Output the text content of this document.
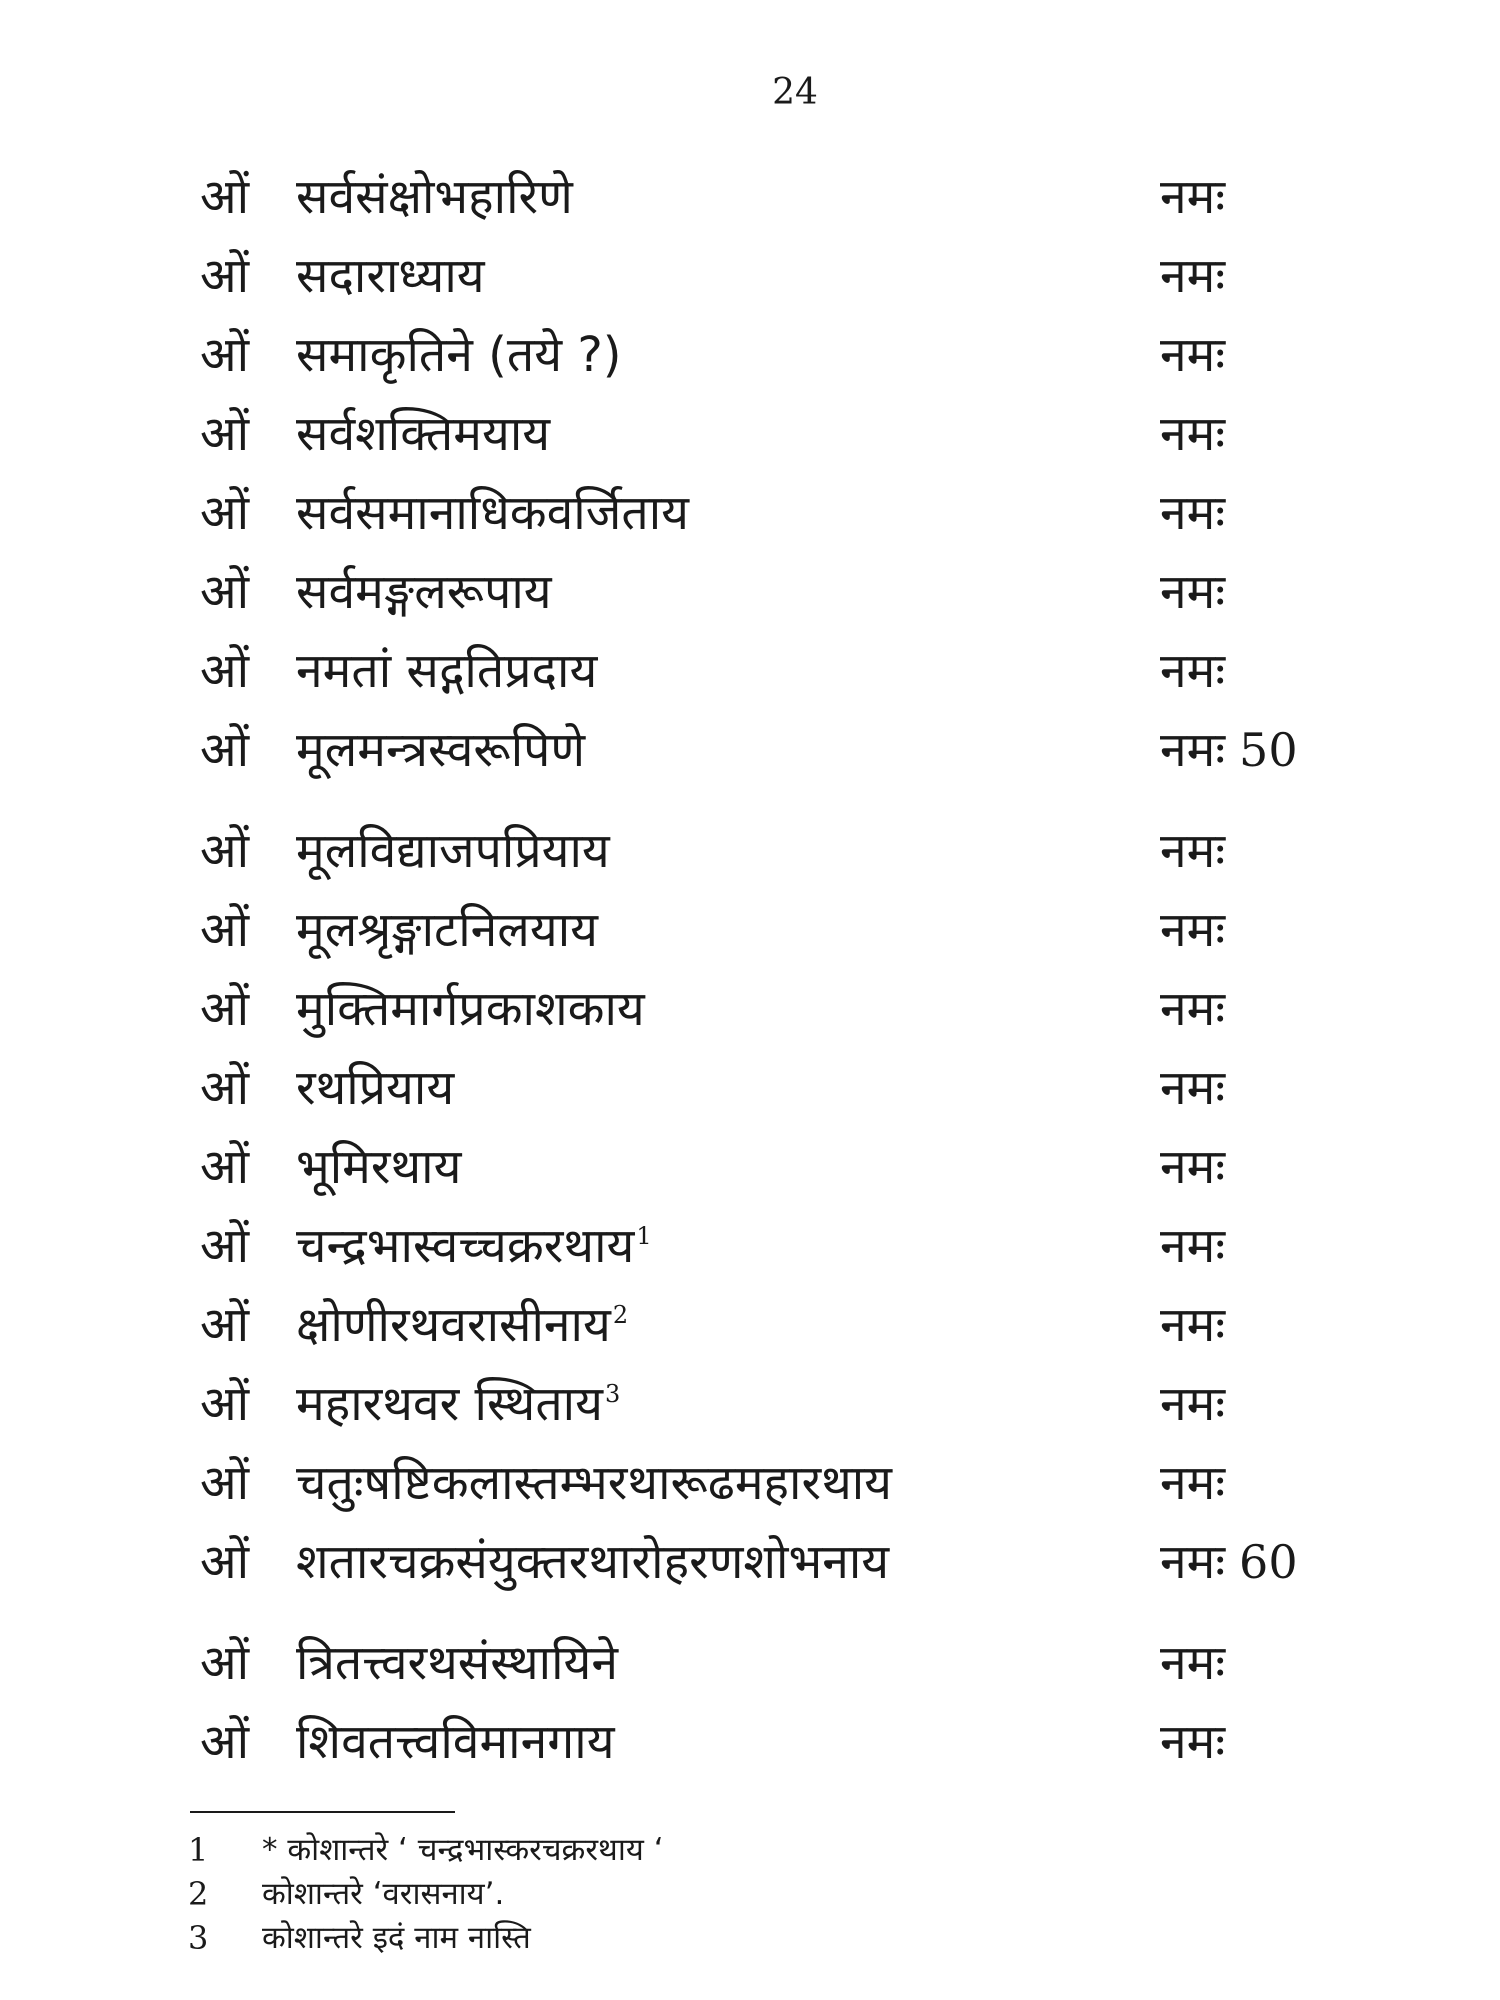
24
ओं सर्वसंक्षोभहारिणे	नमः
ओं सदाराध्याय	नमः
ओं समाकृतिने (तये ?)	नमः
ओं सर्वशक्तिमयाय	नमः
ओं सर्वसमानाधिकवर्जिताय	नमः
ओं सर्वमङ्गलरूपाय	नमः
ओं नमतां सद्गतिप्रदाय	नमः
ओं मूलमन्त्रस्वरूपिणे	नमः 50
ओं मूलविद्याजपप्रियाय	नमः
ओं मूलश्रृङ्गाटनिलयाय	नमः
ओं मुक्तिमार्गप्रकाशकाय	नमः
ओं रथप्रियाय	नमः
ओं भूमिरथाय	नमः
ओं चन्द्रभास्वच्चक्ररथाय$^1$	नमः
ओं क्षोणीरथवरासीनाय$^2$	नमः
ओं महारथवर स्थिताय$^3$	नमः
ओं चतुःषष्टिकलास्तम्भरथारूढमहारथाय	नमः
ओं शतारचक्रसंयुक्तरथारोहरणशोभनाय	नमः 60
ओं त्रितत्त्वरथसंस्थायिने	नमः
ओं शिवतत्त्वविमानगाय	नमः
1 * कोशान्तरे ‘ चन्द्रभास्करचक्ररथाय ‘
2 कोशान्तरे ‘वरासनाय’.
3 कोशान्तरे इदं नाम नास्ति
